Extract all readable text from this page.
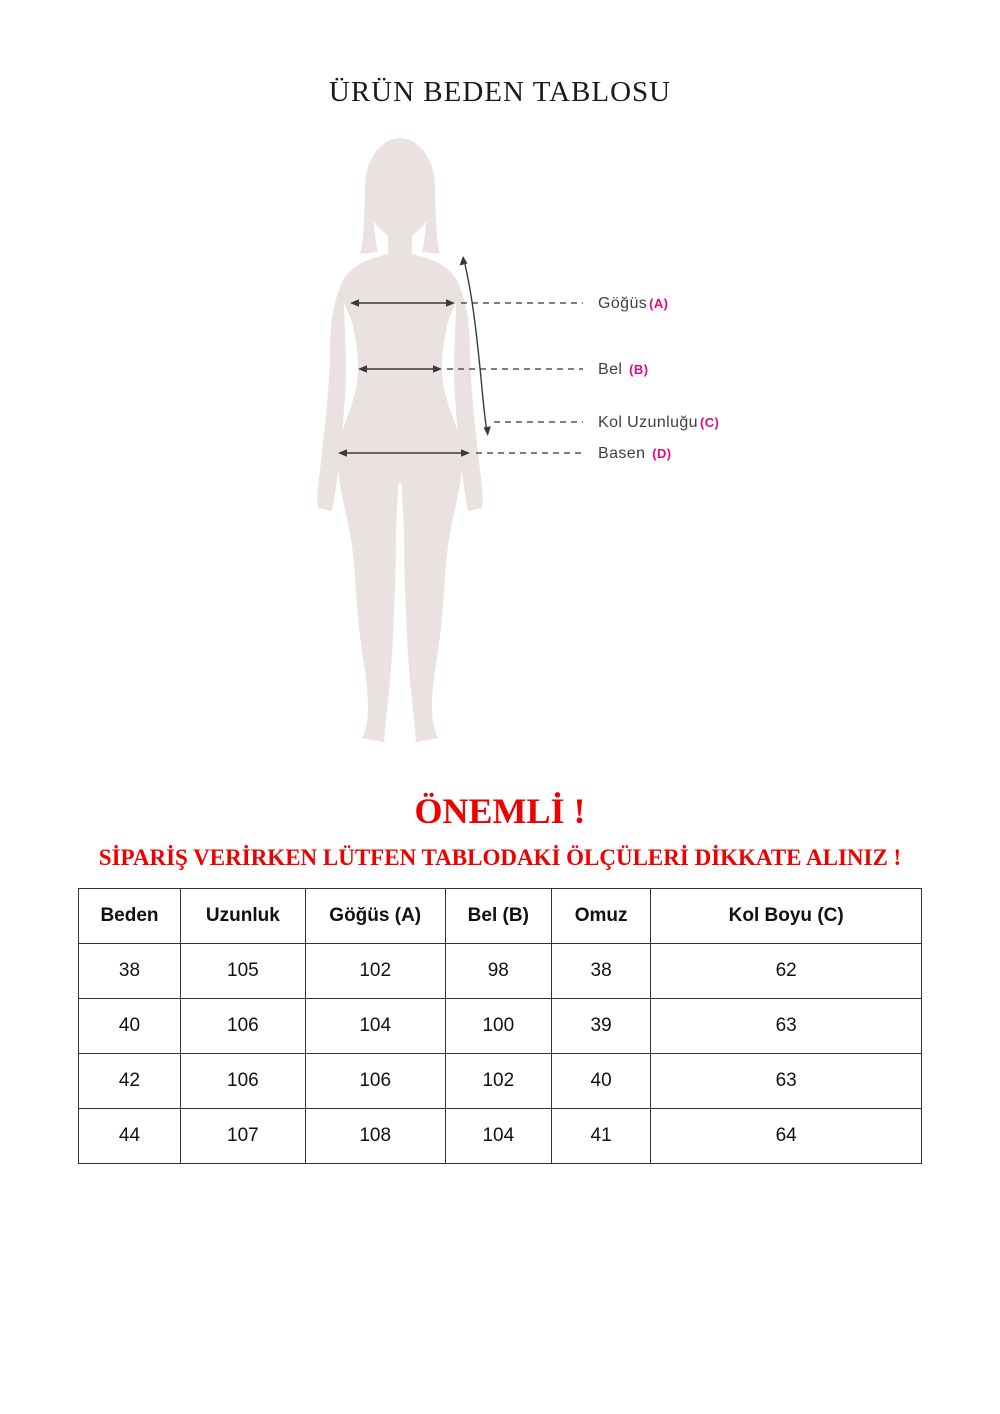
ÜRÜN BEDEN TABLOSU
Göğüs (A)
Bel (B)
Kol Uzunluğu (C)
Basen (D)
ÖNEMLİ !
SİPARİŞ VERİRKEN LÜTFEN TABLODAKİ ÖLÇÜLERİ DİKKATE ALINIZ !
Beden	Uzunluk	Göğüs (A)	Bel (B)	Omuz	Kol Boyu (C)
38	105	102	98	38	62
40	106	104	100	39	63
42	106	106	102	40	63
44	107	108	104	41	64
